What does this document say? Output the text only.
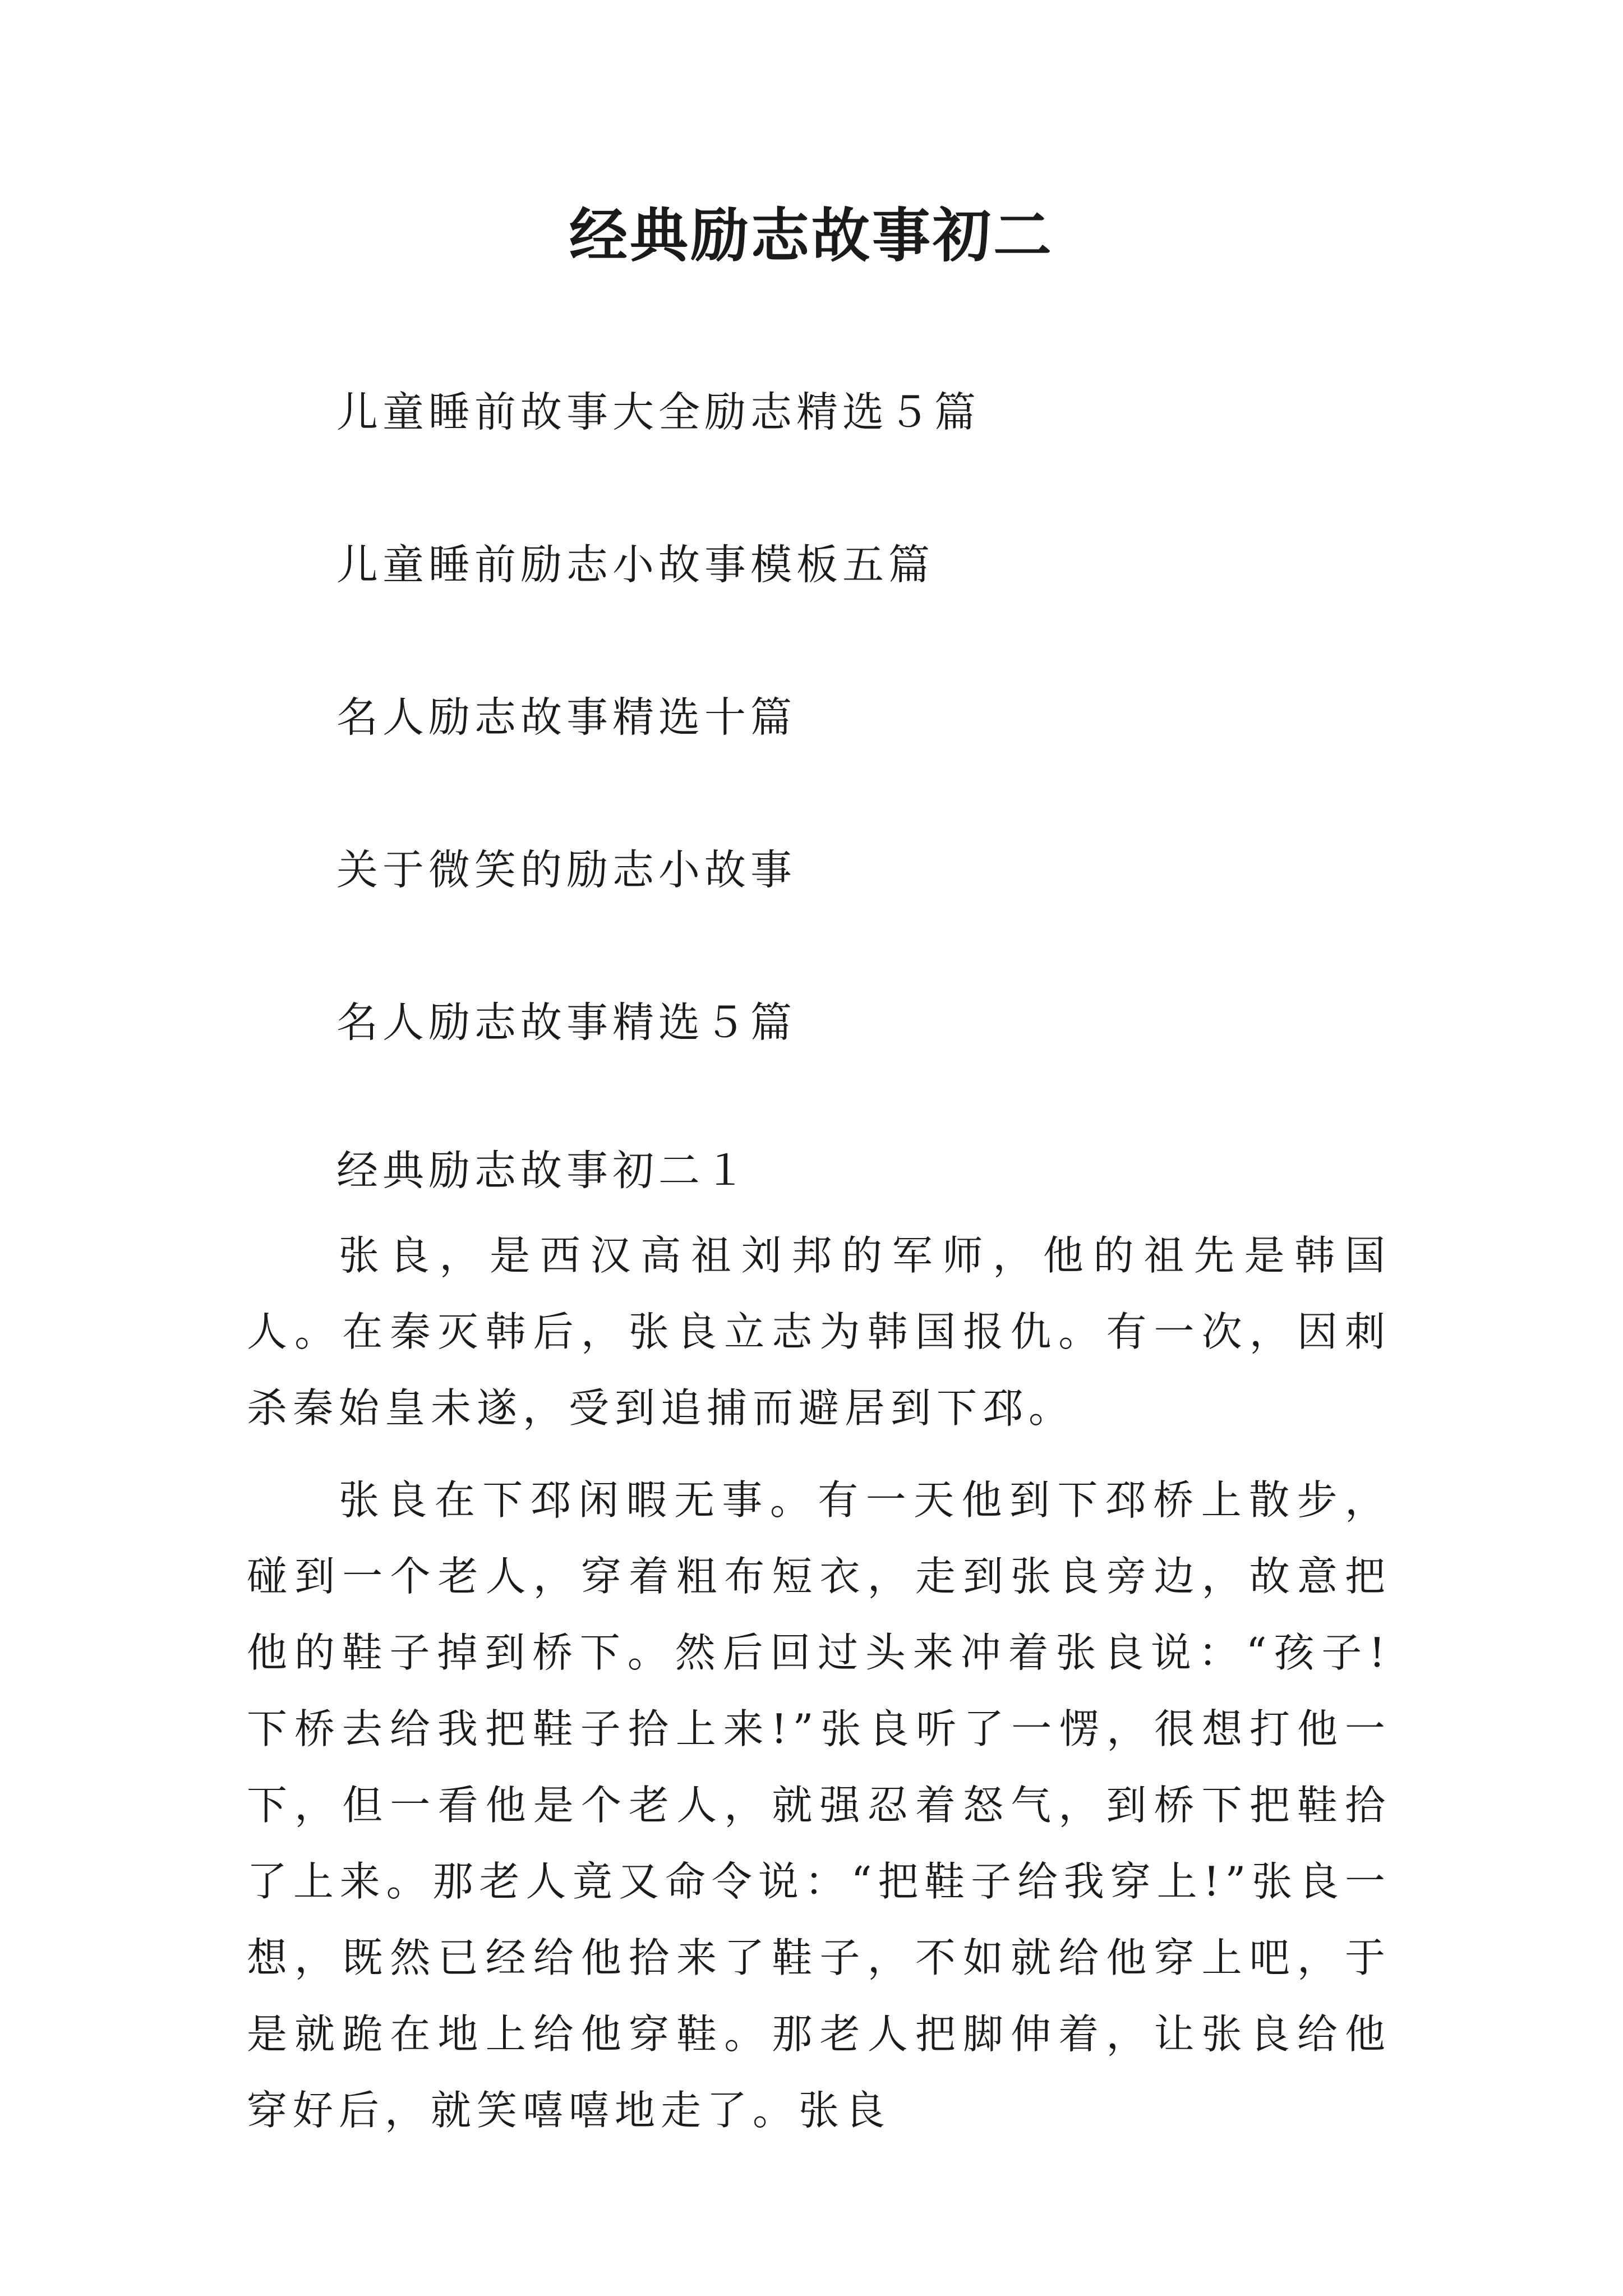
经典励志故事初二
儿童睡前故事大全励志精选５篇
儿童睡前励志小故事模板五篇
名人励志故事精选十篇
关于微笑的励志小故事
名人励志故事精选５篇
经典励志故事初二１

张良，是西汉高祖刘邦的军师，他的祖先是韩国人。在秦灭韩后，张良立志为韩国报仇。有一次，因刺杀秦始皇未遂，受到追捕而避居到下邳。

张良在下邳闲暇无事。有一天他到下邳桥上散步，碰到一个老人，穿着粗布短衣，走到张良旁边，故意把他的鞋子掉到桥下。然后回过头来冲着张良说：“孩子!下桥去给我把鞋子拾上来!”张良听了一愣，很想打他一下，但一看他是个老人，就强忍着怒气，到桥下把鞋拾了上来。那老人竟又命令说：“把鞋子给我穿上!”张良一想，既然已经给他拾来了鞋子，不如就给他穿上吧，于是就跪在地上给他穿鞋。那老人把脚伸着，让张良给他穿好后，就笑嘻嘻地走了。张良
